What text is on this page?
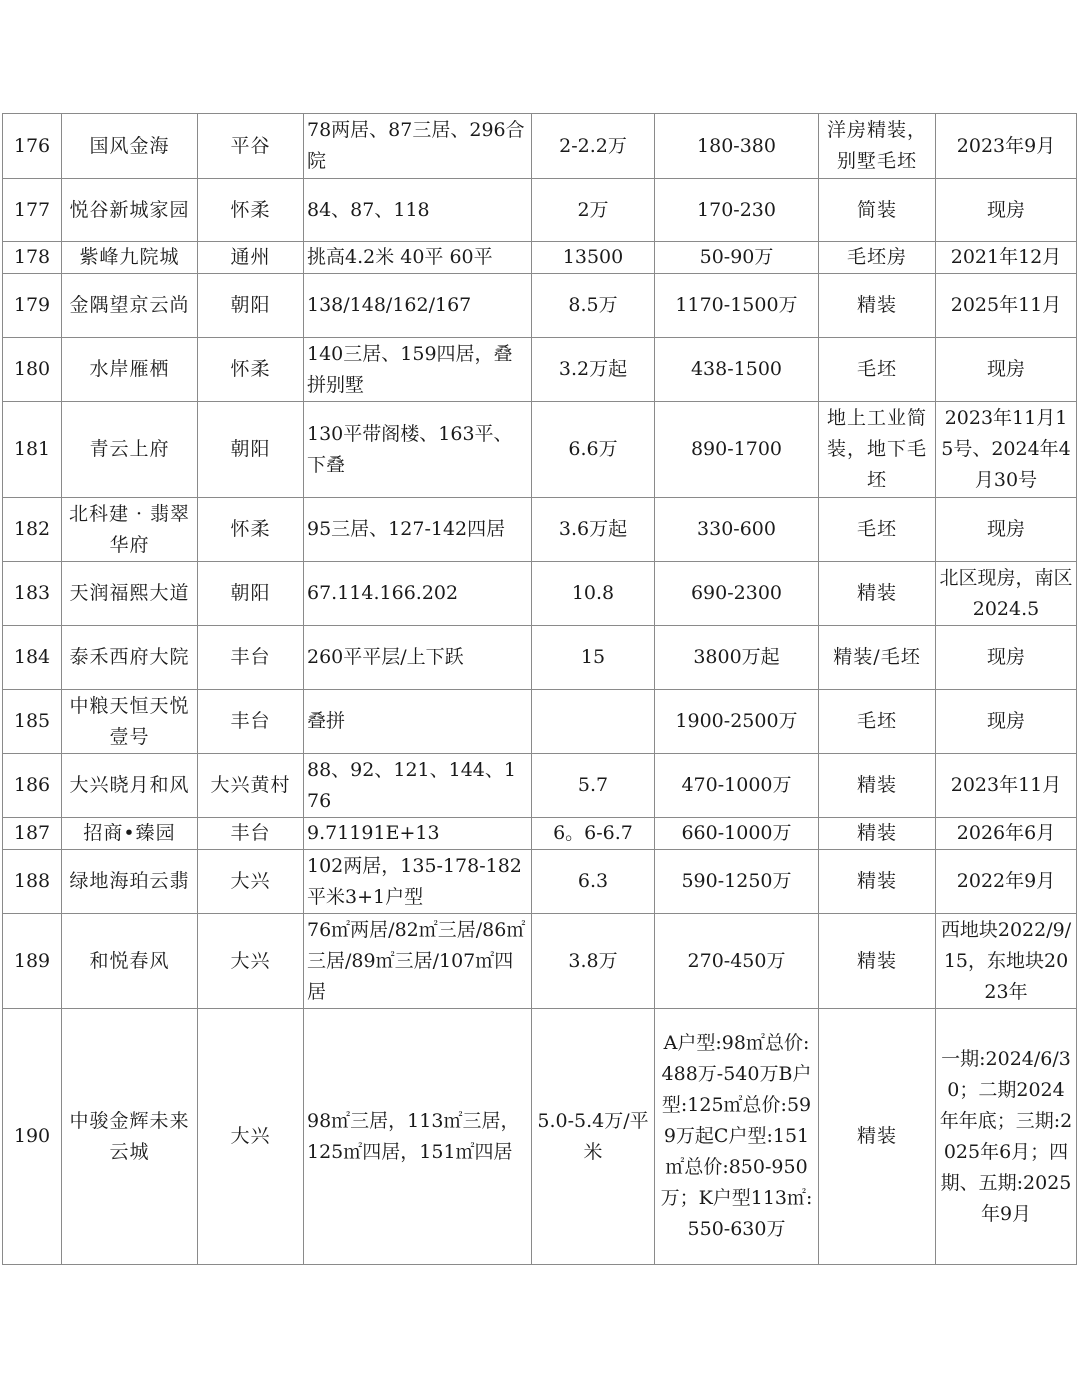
176	国风金海	平谷	78两居、87三居、296合院	2-2.2万	180-380	洋房精装，别墅毛坯	2023年9月
177	悦谷新城家园	怀柔	84、87、118	2万	170-230	简装	现房
178	紫峰九院城	通州	挑高4.2米 40平 60平	13500	50-90万	毛坯房	2021年12月
179	金隅望京云尚	朝阳	138/148/162/167	8.5万	1170-1500万	精装	2025年11月
180	水岸雁栖	怀柔	140三居、159四居，叠拼别墅	3.2万起	438-1500	毛坯	现房
181	青云上府	朝阳	130平带阁楼、163平、下叠	6.6万	890-1700	地上工业简装，地下毛坯	2023年11月15号、2024年4月30号
182	北科建 · 翡翠华府	怀柔	95三居、127-142四居	3.6万起	330-600	毛坯	现房
183	天润福熙大道	朝阳	67.114.166.202	10.8	690-2300	精装	北区现房，南区2024.5
184	泰禾西府大院	丰台	260平平层/上下跃	15	3800万起	精装/毛坯	现房
185	中粮天恒天悦壹号	丰台	叠拼		1900-2500万	毛坯	现房
186	大兴晓月和风	大兴黄村	88、92、121、144、176	5.7	470-1000万	精装	2023年11月
187	招商•臻园	丰台	9.71191E+13	6。6-6.7	660-1000万	精装	2026年6月
188	绿地海珀云翡	大兴	102两居，135-178-182平米3+1户型	6.3	590-1250万	精装	2022年9月
189	和悦春风	大兴	76㎡两居/82㎡三居/86㎡三居/89㎡三居/107㎡四居	3.8万	270-450万	精装	西地块2022/9/15，东地块2023年
190	中骏金辉未来云城	大兴	98㎡三居，113㎡三居，125㎡四居，151㎡四居	5.0-5.4万/平米	A户型:98㎡总价:488万-540万B户型:125㎡总价:599万起C户型:151㎡总价:850-950万；K户型113㎡:550-630万	精装	一期:2024/6/30；二期2024年年底；三期:2025年6月；四期、五期:2025年9月
